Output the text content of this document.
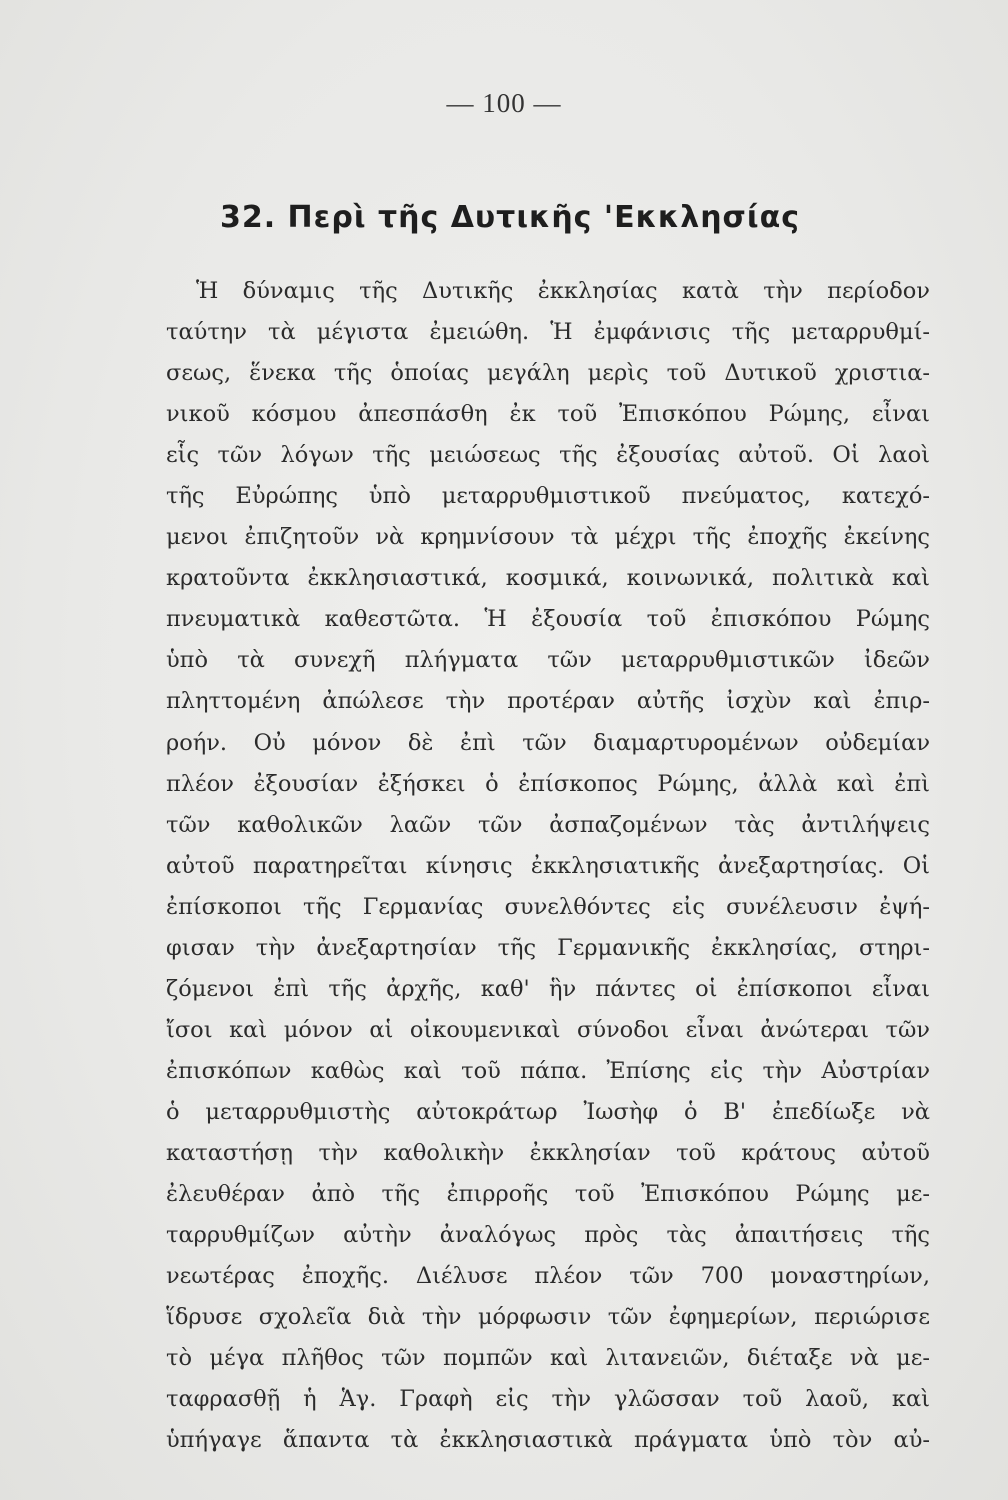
— 100 —
32. Περὶ τῆς Δυτικῆς 'Εκκλησίας
Ἡ δύναμις τῆς Δυτικῆς ἐκκλησίας κατὰ τὴν περίοδον
ταύτην τὰ μέγιστα ἐμειώθη. Ἡ ἐμφάνισις τῆς μεταρρυθμί-
σεως, ἕνεκα τῆς ὁποίας μεγάλη μερὶς τοῦ Δυτικοῦ χριστια-
νικοῦ κόσμου ἀπεσπάσθη ἐκ τοῦ Ἐπισκόπου Ρώμης, εἶναι
εἷς τῶν λόγων τῆς μειώσεως τῆς ἐξουσίας αὐτοῦ. Οἱ λαοὶ
τῆς Εὐρώπης ὑπὸ μεταρρυθμιστικοῦ πνεύματος, κατεχό-
μενοι ἐπιζητοῦν νὰ κρημνίσουν τὰ μέχρι τῆς ἐποχῆς ἐκείνης
κρατοῦντα ἐκκλησιαστικά, κοσμικά, κοινωνικά, πολιτικὰ καὶ
πνευματικὰ καθεστῶτα. Ἡ ἐξουσία τοῦ ἐπισκόπου Ρώμης
ὑπὸ τὰ συνεχῆ πλήγματα τῶν μεταρρυθμιστικῶν ἰδεῶν
πληττομένη ἀπώλεσε τὴν προτέραν αὐτῆς ἰσχὺν καὶ ἐπιρ-
ροήν. Οὐ μόνον δὲ ἐπὶ τῶν διαμαρτυρομένων οὐδεμίαν
πλέον ἐξουσίαν ἐξήσκει ὁ ἐπίσκοπος Ρώμης, ἀλλὰ καὶ ἐπὶ
τῶν καθολικῶν λαῶν τῶν ἀσπαζομένων τὰς ἀντιλήψεις
αὐτοῦ παρατηρεῖται κίνησις ἐκκλησιατικῆς ἀνεξαρτησίας. Οἱ
ἐπίσκοποι τῆς Γερμανίας συνελθόντες εἰς συνέλευσιν ἐψή-
φισαν τὴν ἀνεξαρτησίαν τῆς Γερμανικῆς ἐκκλησίας, στηρι-
ζόμενοι ἐπὶ τῆς ἀρχῆς, καθ' ἣν πάντες οἱ ἐπίσκοποι εἶναι
ἴσοι καὶ μόνον αἱ οἰκουμενικαὶ σύνοδοι εἶναι ἀνώτεραι τῶν
ἐπισκόπων καθὼς καὶ τοῦ πάπα. Ἐπίσης εἰς τὴν Αὐστρίαν
ὁ μεταρρυθμιστὴς αὐτοκράτωρ Ἰωσὴφ ὁ Β' ἐπεδίωξε νὰ
καταστήσῃ τὴν καθολικὴν ἐκκλησίαν τοῦ κράτους αὐτοῦ
ἐλευθέραν ἀπὸ τῆς ἐπιρροῆς τοῦ Ἐπισκόπου Ρώμης με-
ταρρυθμίζων αὐτὴν ἀναλόγως πρὸς τὰς ἀπαιτήσεις τῆς
νεωτέρας ἐποχῆς. Διέλυσε πλέον τῶν 700 μοναστηρίων,
ἵδρυσε σχολεῖα διὰ τὴν μόρφωσιν τῶν ἐφημερίων, περιώρισε
τὸ μέγα πλῆθος τῶν πομπῶν καὶ λιτανειῶν, διέταξε νὰ με-
ταφρασθῇ ἡ Ἁγ. Γραφὴ εἰς τὴν γλῶσσαν τοῦ λαοῦ, καὶ
ὑπήγαγε ἅπαντα τὰ ἐκκλησιαστικὰ πράγματα ὑπὸ τὸν αὐ-
